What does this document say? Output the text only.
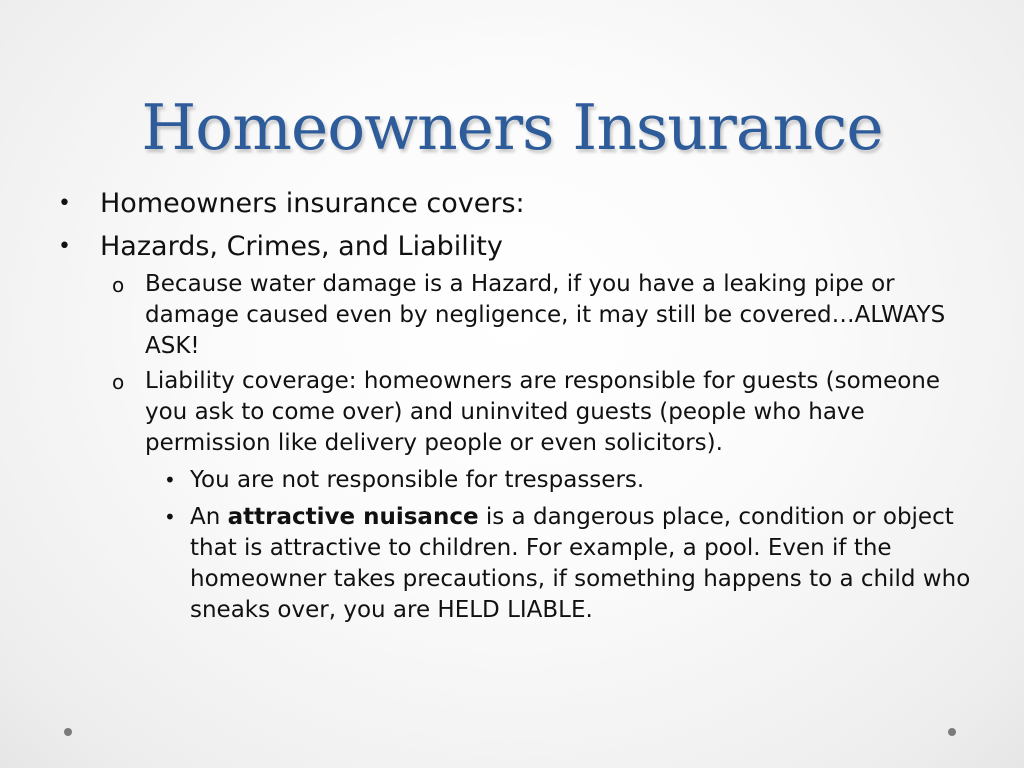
Homeowners Insurance
• Homeowners insurance covers:
• Hazards, Crimes, and Liability
o Because water damage is a Hazard, if you have a leaking pipe or damage caused even by negligence, it may still be covered…ALWAYS ASK!
o Liability coverage: homeowners are responsible for guests (someone you ask to come over) and uninvited guests (people who have permission like delivery people or even solicitors).
• You are not responsible for trespassers.
• An attractive nuisance is a dangerous place, condition or object that is attractive to children. For example, a pool. Even if the homeowner takes precautions, if something happens to a child who sneaks over, you are HELD LIABLE.
